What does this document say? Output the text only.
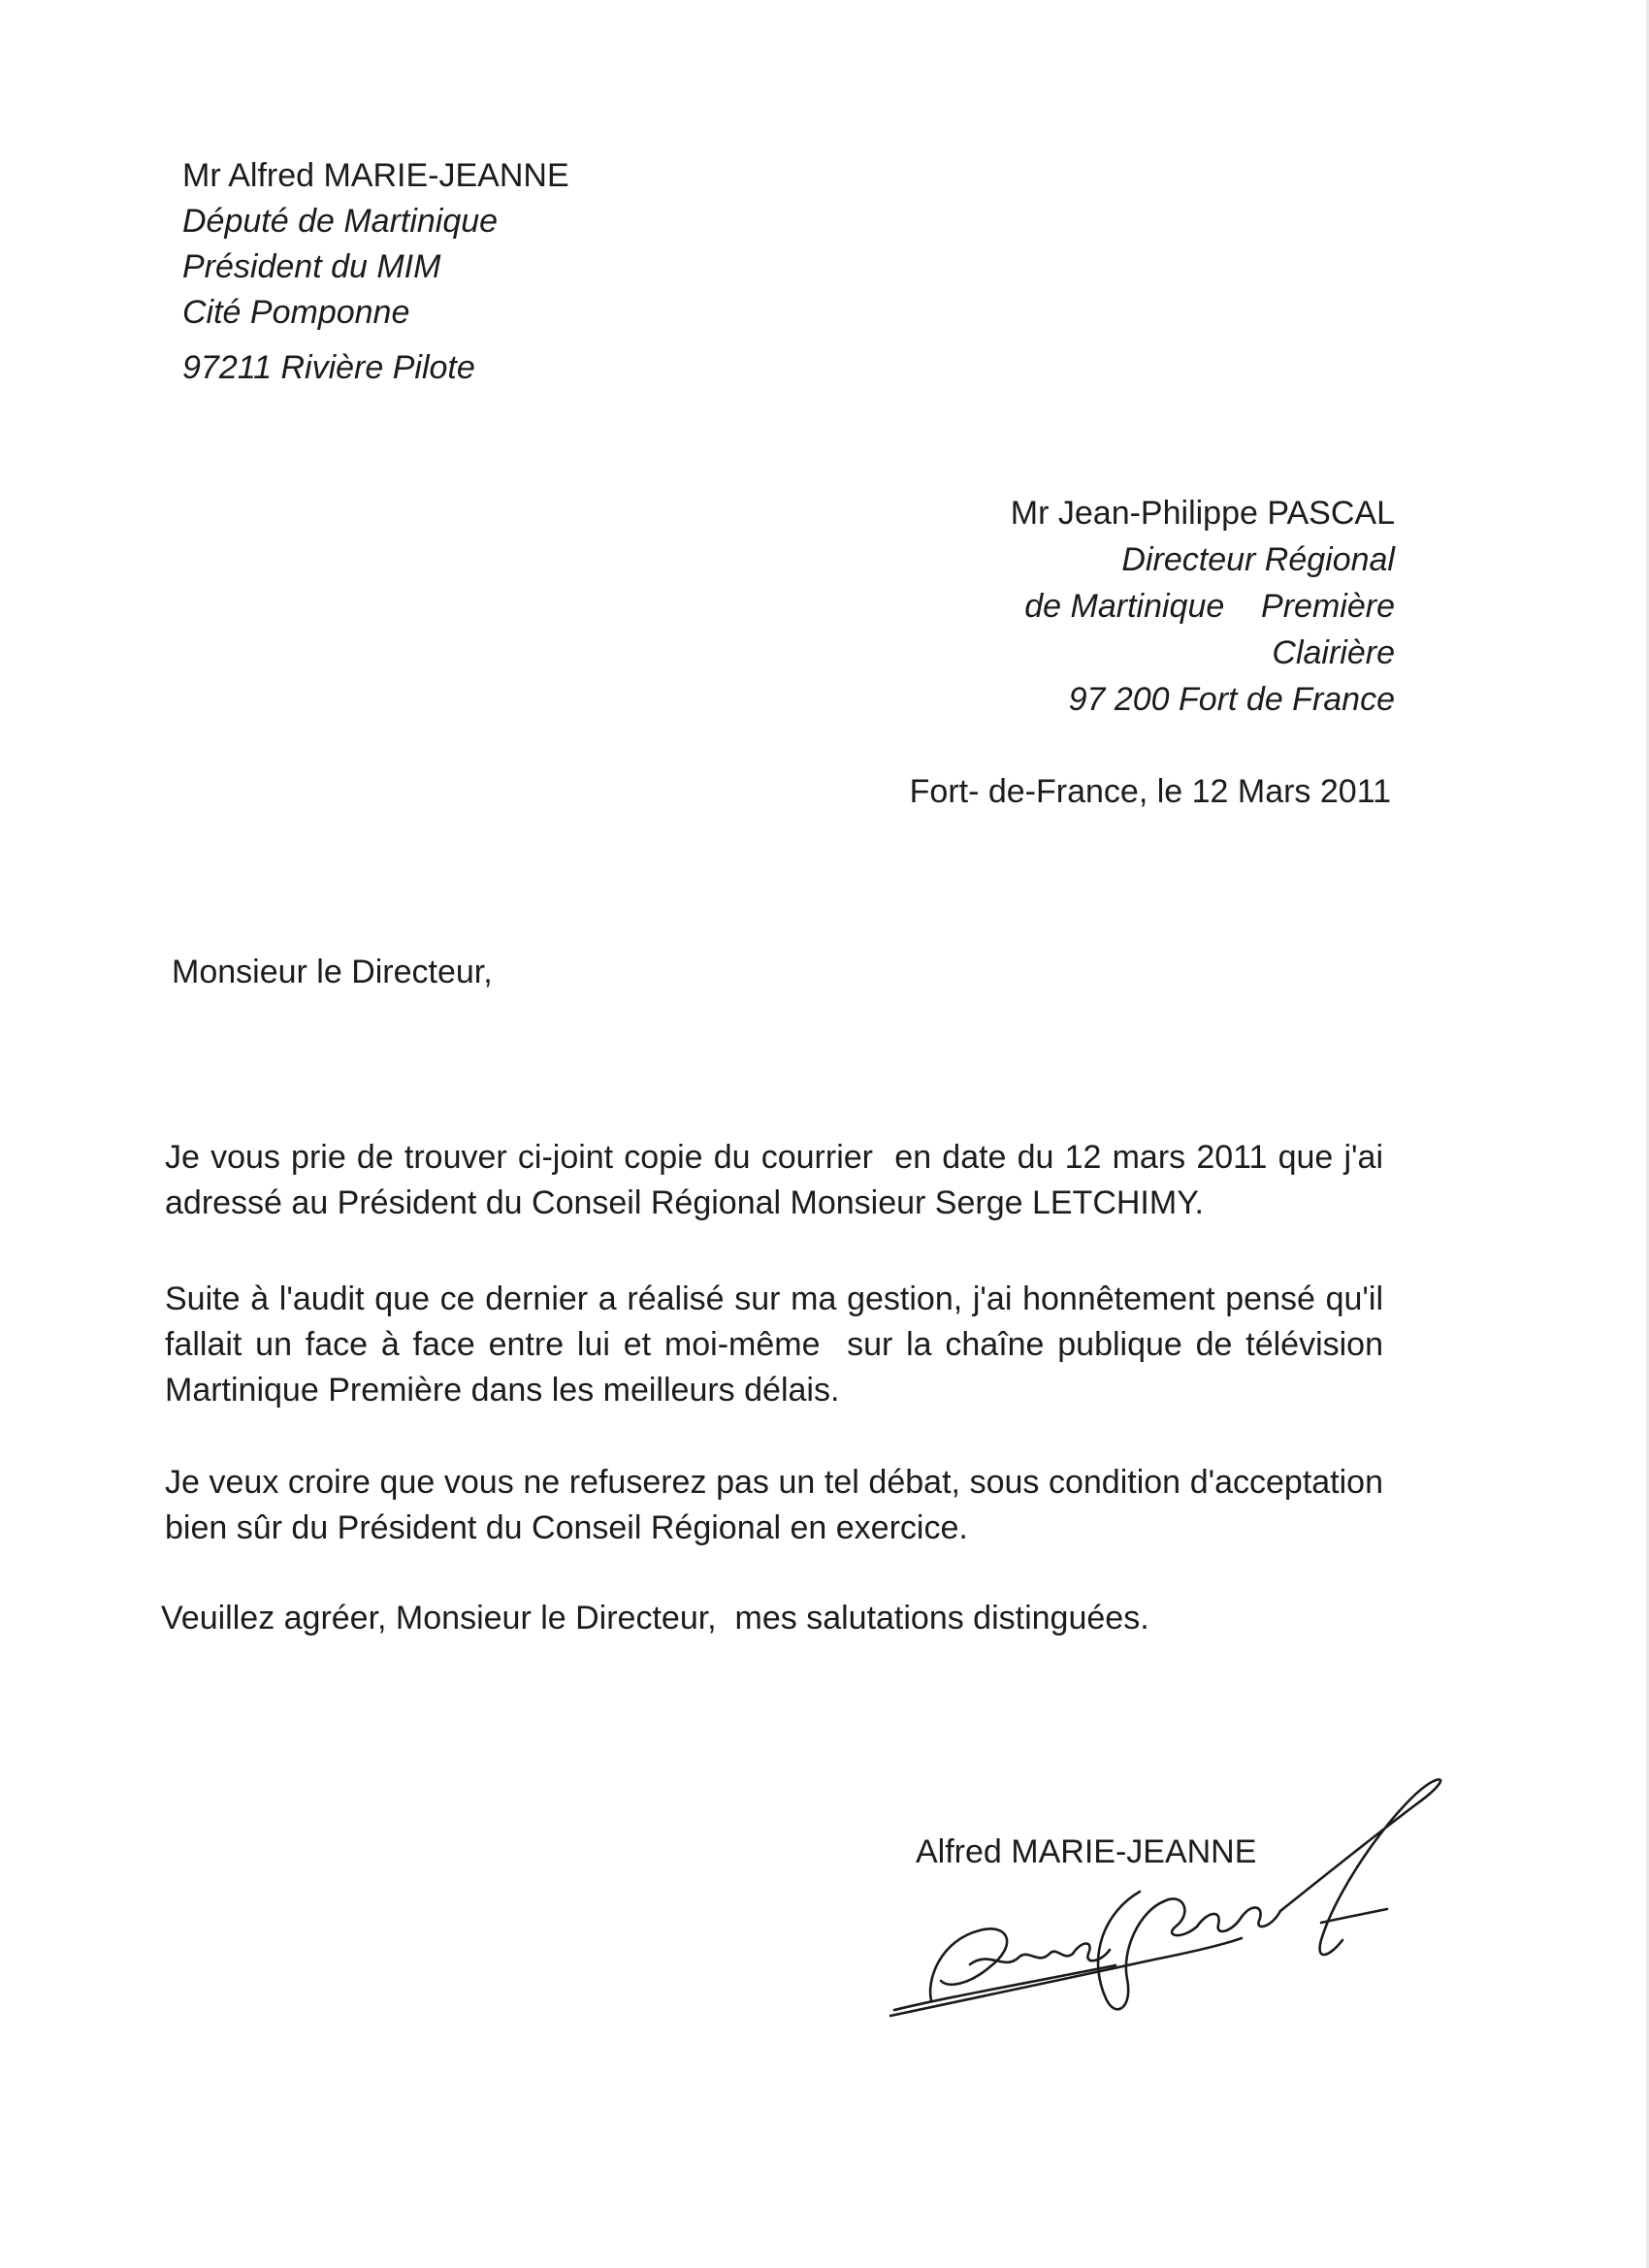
Mr Alfred MARIE-JEANNE
Député de Martinique
Président du MIM
Cité Pomponne
97211 Rivière Pilote
Mr Jean-Philippe PASCAL
Directeur Régional
de Martinique    Première
Clairière
97 200 Fort de France
Fort- de-France, le 12 Mars 2011
Monsieur le Directeur,
Je vous prie de trouver ci-joint copie du courrier  en date du 12 mars 2011 que j'ai adressé au Président du Conseil Régional Monsieur Serge LETCHIMY.
Suite à l'audit que ce dernier a réalisé sur ma gestion, j'ai honnêtement pensé qu'il fallait un face à face entre lui et moi-même  sur la chaîne publique de télévision Martinique Première dans les meilleurs délais.
Je veux croire que vous ne refuserez pas un tel débat, sous condition d'acceptation bien sûr du Président du Conseil Régional en exercice.
Veuillez agréer, Monsieur le Directeur,  mes salutations distinguées.
Alfred MARIE-JEANNE
